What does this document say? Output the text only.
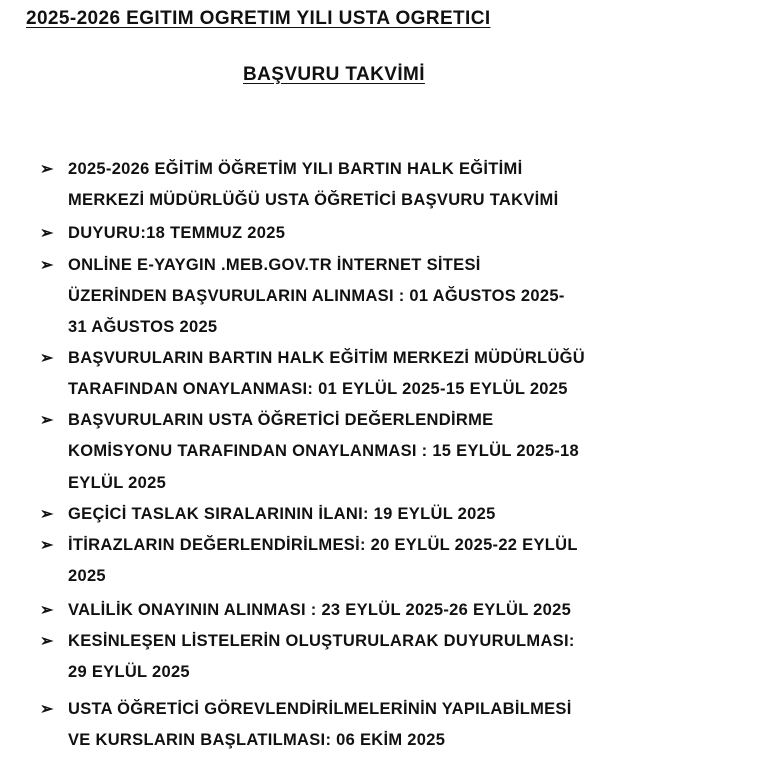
2025-2026 EGITIM OGRETIM YILI USTA OGRETICI
BAŞVURU TAKVİMİ
➢ 2025-2026 EĞİTİM ÖĞRETİM YILI BARTIN HALK EĞİTİMİ
MERKEZİ MÜDÜRLÜĞÜ USTA ÖĞRETİCİ BAŞVURU TAKVİMİ
➢ DUYURU:18 TEMMUZ 2025
➢ ONLİNE E-YAYGIN .MEB.GOV.TR İNTERNET SİTESİ
ÜZERİNDEN BAŞVURULARIN ALINMASI : 01 AĞUSTOS 2025-
31 AĞUSTOS 2025
➢ BAŞVURULARIN BARTIN HALK EĞİTİM MERKEZİ MÜDÜRLÜĞÜ
TARAFINDAN ONAYLANMASI: 01 EYLÜL 2025-15 EYLÜL 2025
➢ BAŞVURULARIN USTA ÖĞRETİCİ DEĞERLENDİRME
KOMİSYONU TARAFINDAN ONAYLANMASI : 15 EYLÜL 2025-18
EYLÜL 2025
➢ GEÇİCİ TASLAK SIRALARININ İLANI: 19 EYLÜL 2025
➢ İTİRAZLARIN DEĞERLENDİRİLMESİ: 20 EYLÜL 2025-22 EYLÜL
2025
➢ VALİLİK ONAYININ ALINMASI : 23 EYLÜL 2025-26 EYLÜL 2025
➢ KESİNLEŞEN LİSTELERİN OLUŞTURULARAK DUYURULMASI:
29 EYLÜL 2025
➢ USTA ÖĞRETİCİ GÖREVLENDİRİLMELERİNİN YAPILABİLMESİ
VE KURSLARIN BAŞLATILMASI: 06 EKİM 2025
